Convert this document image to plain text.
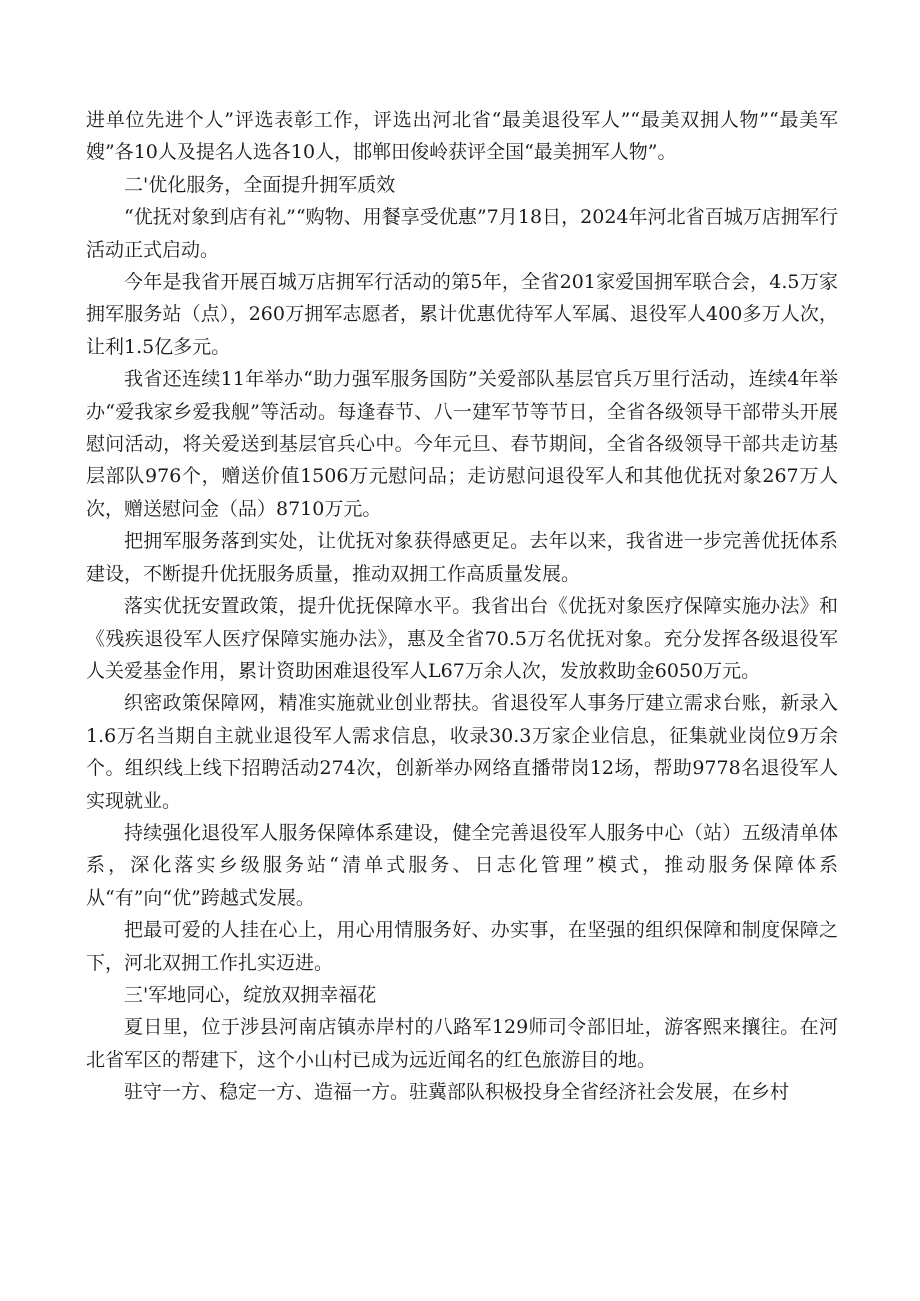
进单位先进个人”评选表彰工作，评选出河北省“最美退役军人”“最美双拥人物”“最美军嫂”各10人及提名人选各10人，邯郸田俊岭获评全国“最美拥军人物”。

二'优化服务，全面提升拥军质效

“优抚对象到店有礼”“购物、用餐享受优惠”7月18日，2024年河北省百城万店拥军行活动正式启动。

今年是我省开展百城万店拥军行活动的第5年，全省201家爱国拥军联合会，4.5万家拥军服务站（点），260万拥军志愿者，累计优惠优待军人军属、退役军人400多万人次，让利1.5亿多元。

我省还连续11年举办“助力强军服务国防”关爱部队基层官兵万里行活动，连续4年举办“爱我家乡爱我舰”等活动。每逢春节、八一建军节等节日，全省各级领导干部带头开展慰问活动，将关爱送到基层官兵心中。今年元旦、春节期间，全省各级领导干部共走访基层部队976个，赠送价值1506万元慰问品；走访慰问退役军人和其他优抚对象267万人次，赠送慰问金（品）8710万元。

把拥军服务落到实处，让优抚对象获得感更足。去年以来，我省进一步完善优抚体系建设，不断提升优抚服务质量，推动双拥工作高质量发展。

落实优抚安置政策，提升优抚保障水平。我省出台《优抚对象医疗保障实施办法》和《残疾退役军人医疗保障实施办法》，惠及全省70.5万名优抚对象。充分发挥各级退役军人关爱基金作用，累计资助困难退役军人L67万余人次，发放救助金6050万元。

织密政策保障网，精准实施就业创业帮扶。省退役军人事务厅建立需求台账，新录入1.6万名当期自主就业退役军人需求信息，收录30.3万家企业信息，征集就业岗位9万余个。组织线上线下招聘活动274次，创新举办网络直播带岗12场，帮助9778名退役军人实现就业。

持续强化退役军人服务保障体系建设，健全完善退役军人服务中心（站）五级清单体系，深化落实乡级服务站“清单式服务、日志化管理”模式，推动服务保障体系从“有”向“优”跨越式发展。

把最可爱的人挂在心上，用心用情服务好、办实事，在坚强的组织保障和制度保障之下，河北双拥工作扎实迈进。

三'军地同心，绽放双拥幸福花

夏日里，位于涉县河南店镇赤岸村的八路军129师司令部旧址，游客熙来攘往。在河北省军区的帮建下，这个小山村已成为远近闻名的红色旅游目的地。

驻守一方、稳定一方、造福一方。驻冀部队积极投身全省经济社会发展，在乡村
